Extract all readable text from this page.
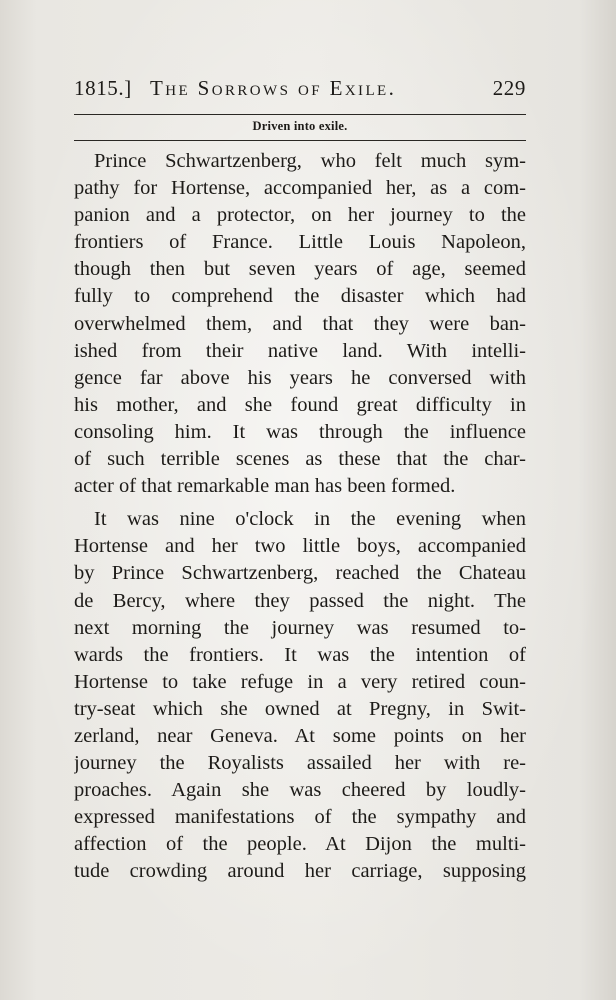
1815.] The Sorrows of Exile.	229
Driven into exile.
Prince Schwartzenberg, who felt much sym-
pathy for Hortense, accompanied her, as a com-
panion and a protector, on her journey to the
frontiers of France. Little Louis Napoleon,
though then but seven years of age, seemed
fully to comprehend the disaster which had
overwhelmed them, and that they were ban-
ished from their native land. With intelli-
gence far above his years he conversed with
his mother, and she found great difficulty in
consoling him. It was through the influence
of such terrible scenes as these that the char-
acter of that remarkable man has been formed.
It was nine o'clock in the evening when
Hortense and her two little boys, accompanied
by Prince Schwartzenberg, reached the Chateau
de Bercy, where they passed the night. The
next morning the journey was resumed to-
wards the frontiers. It was the intention of
Hortense to take refuge in a very retired coun-
try-seat which she owned at Pregny, in Swit-
zerland, near Geneva. At some points on her
journey the Royalists assailed her with re-
proaches. Again she was cheered by loudly-
expressed manifestations of the sympathy and
affection of the people. At Dijon the multi-
tude crowding around her carriage, supposing
